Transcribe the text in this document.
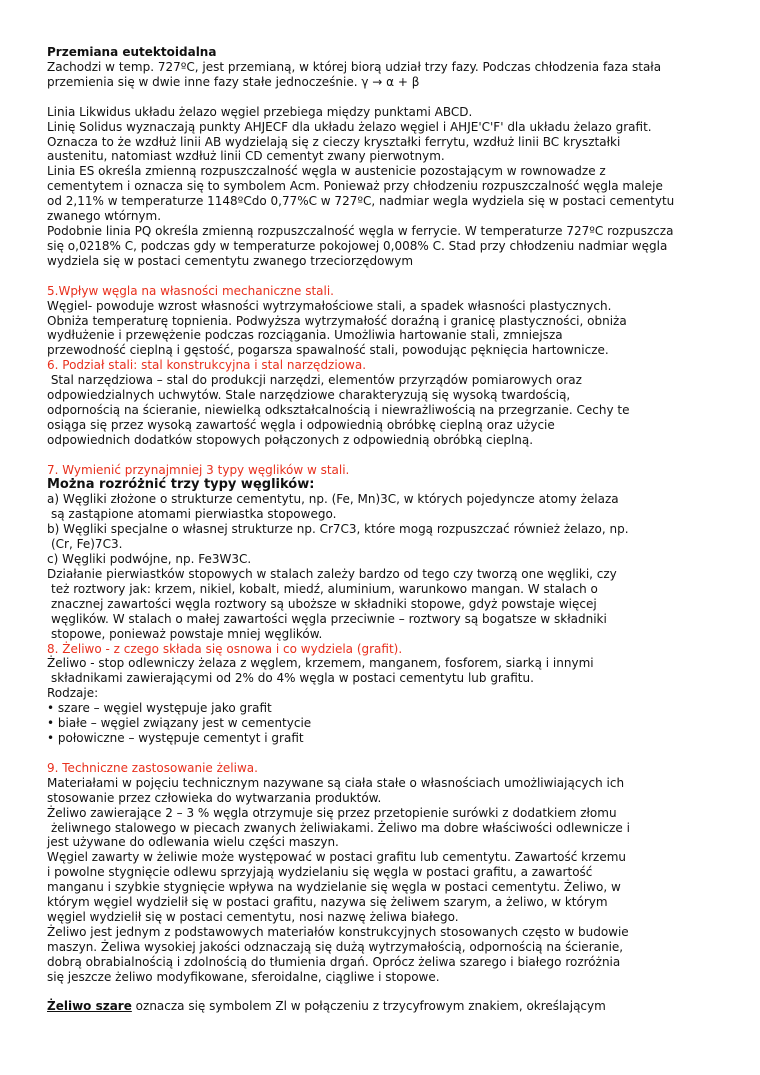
Przemiana eutektoidalna

Zachodzi w temp. 727ºC, jest przemianą, w której biorą udział trzy fazy. Podczas chłodzenia faza stała

przemienia się w dwie inne fazy stałe jednocześnie. γ → α + β

Linia Likwidus układu żelazo węgiel przebiega między punktami ABCD.

Linię Solidus wyznaczają punkty AHJECF dla układu żelazo węgiel i AHJE'C'F' dla układu żelazo grafit.

Oznacza to że wzdłuż linii AB wydzielają się z cieczy kryształki ferrytu, wzdłuż linii BC kryształki

austenitu, natomiast wzdłuż linii CD cementyt zwany pierwotnym.

Linia ES określa zmienną rozpuszczalność węgla w austenicie pozostającym w rownowadze z

cementytem i oznacza się to symbolem Acm. Ponieważ przy chłodzeniu rozpuszczalność węgla maleje

od 2,11% w temperaturze 1148ºCdo 0,77%C w 727ºC, nadmiar wegla wydziela się w postaci cementytu

zwanego wtórnym.

Podobnie linia PQ określa zmienną rozpuszczalność węgla w ferrycie. W temperaturze 727ºC rozpuszcza

się o,0218% C, podczas gdy w temperaturze pokojowej 0,008% C. Stad przy chłodzeniu nadmiar węgla

wydziela się w postaci cementytu zwanego trzeciorzędowym

5.Wpływ węgla na własności mechaniczne stali.

Węgiel- powoduje wzrost własności wytrzymałościowe stali, a spadek własności plastycznych.

Obniża temperaturę topnienia. Podwyższa wytrzymałość doraźną i granicę plastyczności, obniża

wydłużenie i przewężenie podczas rozciągania. Umożliwia hartowanie stali, zmniejsza

przewodność cieplną i gęstość, pogarsza spawalność stali, powodując pęknięcia hartownicze.

6. Podział stali: stal konstrukcyjna i stal narzędziowa.

Stal narzędziowa – stal do produkcji narzędzi, elementów przyrządów pomiarowych oraz

odpowiedzialnych uchwytów. Stale narzędziowe charakteryzują się wysoką twardością,

odpornością na ścieranie, niewielką odkształcalnością i niewrażliwością na przegrzanie. Cechy te

osiąga się przez wysoką zawartość węgla i odpowiednią obróbkę cieplną oraz użycie

odpowiednich dodatków stopowych połączonych z odpowiednią obróbką cieplną.

7. Wymienić przynajmniej 3 typy węglików w stali.

Można rozróżnić trzy typy węglików:

a) Węgliki złożone o strukturze cementytu, np. (Fe, Mn)3C, w których pojedyncze atomy żelaza

są zastąpione atomami pierwiastka stopowego.

b) Węgliki specjalne o własnej strukturze np. Cr7C3, które mogą rozpuszczać również żelazo, np.

(Cr, Fe)7C3.

c) Węgliki podwójne, np. Fe3W3C.

Działanie pierwiastków stopowych w stalach zależy bardzo od tego czy tworzą one węgliki, czy

też roztwory jak: krzem, nikiel, kobalt, miedź, aluminium, warunkowo mangan. W stalach o

znacznej zawartości węgla roztwory są uboższe w składniki stopowe, gdyż powstaje więcej

węglików. W stalach o małej zawartości węgla przeciwnie – roztwory są bogatsze w składniki

stopowe, ponieważ powstaje mniej węglików.

8. Żeliwo - z czego składa się osnowa i co wydziela (grafit).

Żeliwo - stop odlewniczy żelaza z węglem, krzemem, manganem, fosforem, siarką i innymi

składnikami zawierającymi od 2% do 4% węgla w postaci cementytu lub grafitu.

Rodzaje:

• szare – węgiel występuje jako grafit

• białe – węgiel związany jest w cementycie

• połowiczne – występuje cementyt i grafit

9. Techniczne zastosowanie żeliwa.

Materiałami w pojęciu technicznym nazywane są ciała stałe o własnościach umożliwiających ich

stosowanie przez człowieka do wytwarzania produktów.

Żeliwo zawierające 2 – 3 % węgla otrzymuje się przez przetopienie surówki z dodatkiem złomu

żeliwnego stalowego w piecach zwanych żeliwiakami. Żeliwo ma dobre właściwości odlewnicze i

jest używane do odlewania wielu części maszyn.

Węgiel zawarty w żeliwie może występować w postaci grafitu lub cementytu. Zawartość krzemu

i powolne stygnięcie odlewu sprzyjają wydzielaniu się węgla w postaci grafitu, a zawartość

manganu i szybkie stygnięcie wpływa na wydzielanie się węgla w postaci cementytu. Żeliwo, w

którym węgiel wydzielił się w postaci grafitu, nazywa się żeliwem szarym, a żeliwo, w którym

węgiel wydzielił się w postaci cementytu, nosi nazwę żeliwa białego.

Żeliwo jest jednym z podstawowych materiałów konstrukcyjnych stosowanych często w budowie

maszyn. Żeliwa wysokiej jakości odznaczają się dużą wytrzymałością, odpornością na ścieranie,

dobrą obrabialnością i zdolnością do tłumienia drgań. Oprócz żeliwa szarego i białego rozróżnia

się jeszcze żeliwo modyfikowane, sferoidalne, ciągliwe i stopowe.

Żeliwo szare oznacza się symbolem Zl w połączeniu z trzycyfrowym znakiem, określającym
